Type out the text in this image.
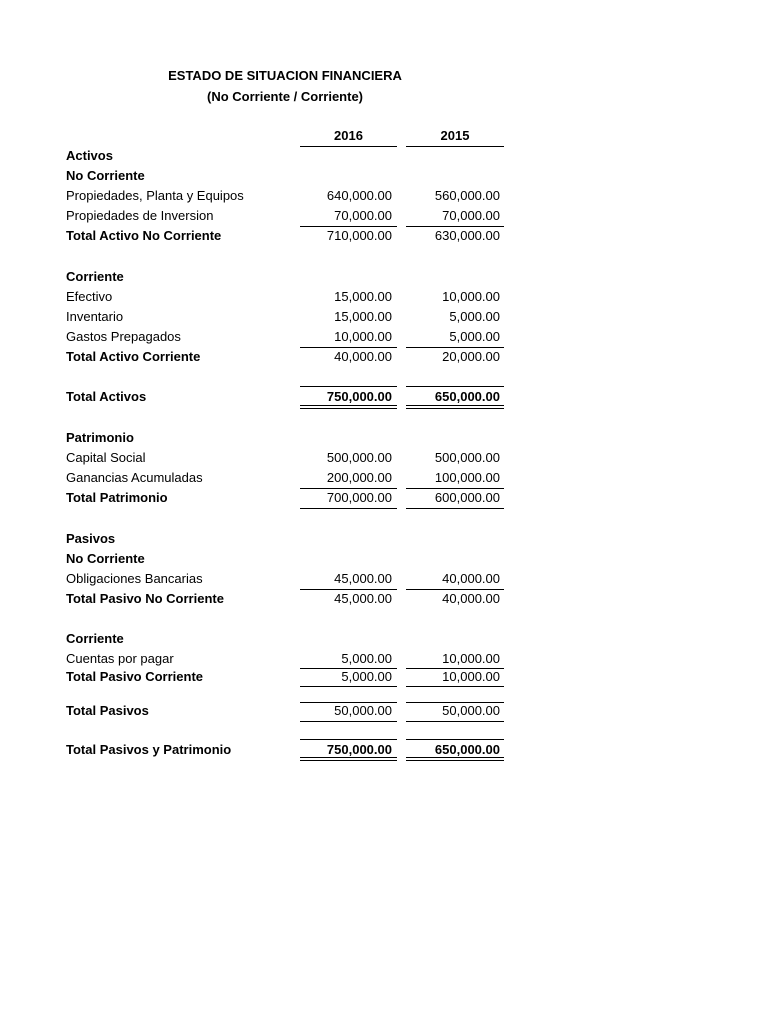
ESTADO DE SITUACION FINANCIERA
(No Corriente / Corriente)
2016	2015
Activos
No Corriente
Propiedades, Planta y Equipos	640,000.00	560,000.00
Propiedades de Inversion	70,000.00	70,000.00
Total Activo No Corriente	710,000.00	630,000.00
Corriente
Efectivo	15,000.00	10,000.00
Inventario	15,000.00	5,000.00
Gastos Prepagados	10,000.00	5,000.00
Total Activo Corriente	40,000.00	20,000.00
Total Activos	750,000.00	650,000.00
Patrimonio
Capital Social	500,000.00	500,000.00
Ganancias Acumuladas	200,000.00	100,000.00
Total Patrimonio	700,000.00	600,000.00
Pasivos
No Corriente
Obligaciones Bancarias	45,000.00	40,000.00
Total Pasivo No Corriente	45,000.00	40,000.00
Corriente
Cuentas por pagar	5,000.00	10,000.00
Total Pasivo Corriente	5,000.00	10,000.00
Total Pasivos	50,000.00	50,000.00
Total Pasivos y Patrimonio	750,000.00	650,000.00
